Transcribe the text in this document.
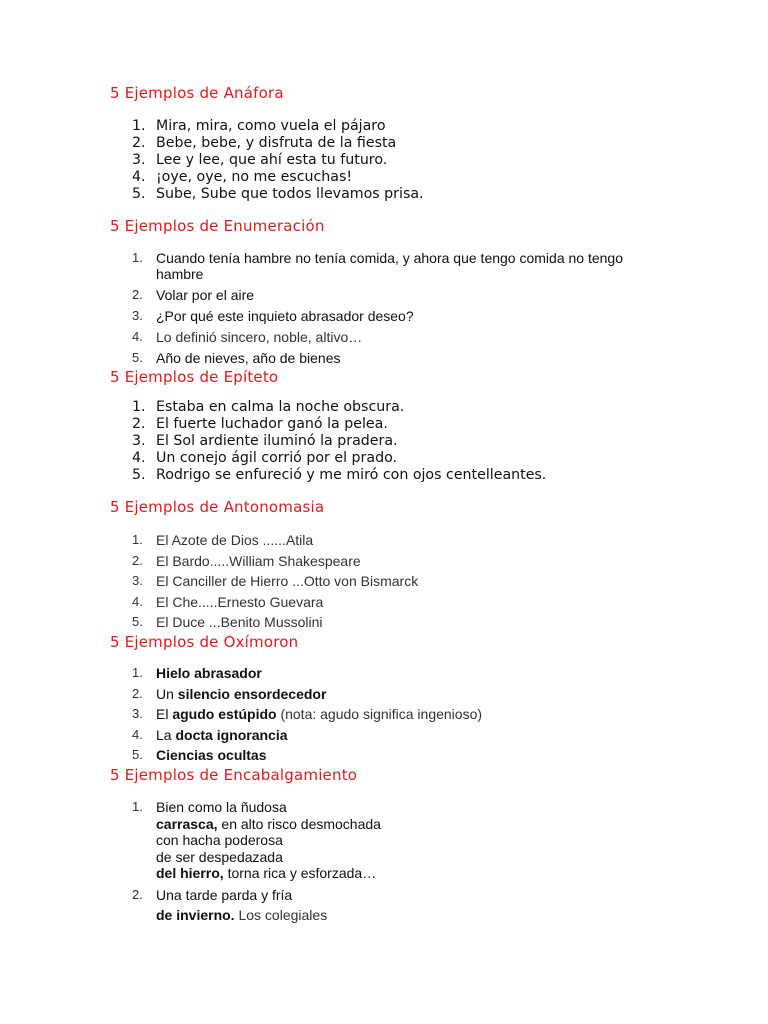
5 Ejemplos de Anáfora
1. Mira, mira, como vuela el pájaro
2. Bebe, bebe, y disfruta de la fiesta
3. Lee y lee, que ahí esta tu futuro.
4. ¡oye, oye, no me escuchas!
5. Sube, Sube que todos llevamos prisa.
5 Ejemplos de Enumeración
1. Cuando tenía hambre no tenía comida, y ahora que tengo comida no tengo hambre
2. Volar por el aire
3. ¿Por qué este inquieto abrasador deseo?
4. Lo definió sincero, noble, altivo…
5. Año de nieves, año de bienes
5 Ejemplos de Epíteto
1. Estaba en calma la noche obscura.
2. El fuerte luchador ganó la pelea.
3. El Sol ardiente iluminó la pradera.
4. Un conejo ágil corrió por el prado.
5. Rodrigo se enfureció y me miró con ojos centelleantes.
5 Ejemplos de Antonomasia
1. El Azote de Dios ......Atila
2. El Bardo.....William Shakespeare
3. El Canciller de Hierro ...Otto von Bismarck
4. El Che.....Ernesto Guevara
5. El Duce ...Benito Mussolini
5 Ejemplos de Oxímoron
1. Hielo abrasador
2. Un silencio ensordecedor
3. El agudo estúpido (nota: agudo significa ingenioso)
4. La docta ignorancia
5. Ciencias ocultas
5 Ejemplos de Encabalgamiento
1. Bien como la ñudosa
carrasca, en alto risco desmochada
con hacha poderosa
de ser despedazada
del hierro, torna rica y esforzada…
2. Una tarde parda y fría
de invierno. Los colegiales
